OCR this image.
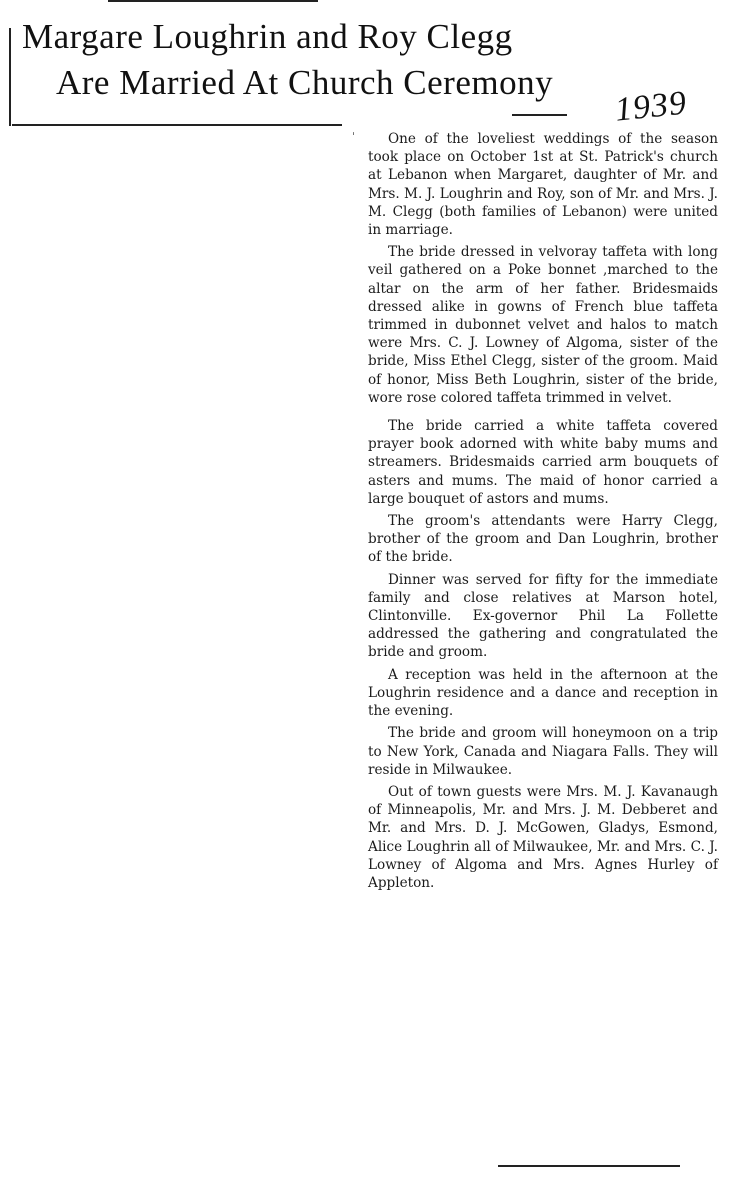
Margare Loughrin and Roy Clegg
Are Married At Church Ceremony
1939
ˈ	One of the loveliest weddings of the season took place on October 1st at St. Patrick's church at Lebanon when Margaret, daughter of Mr. and Mrs. M. J. Loughrin and Roy, son of Mr. and Mrs. J. M. Clegg (both families of Lebanon) were united in marriage.

The bride dressed in velvoray taffeta with long veil gathered on a Poke bonnet ,marched to the altar on the arm of her father. Bridesmaids dressed alike in gowns of French blue taffeta trimmed in dubonnet velvet and halos to match were Mrs. C. J. Lowney of Algoma, sister of the bride, Miss Ethel Clegg, sister of the groom. Maid of honor, Miss Beth Loughrin, sister of the bride, wore rose colored taffeta trimmed in velvet.

The bride carried a white taffeta covered prayer book adorned with white baby mums and streamers. Bridesmaids carried arm bouquets of asters and mums. The maid of honor carried a large bouquet of astors and mums.

The groom's attendants were Harry Clegg, brother of the groom and Dan Loughrin, brother of the bride.

Dinner was served for fifty for the immediate family and close relatives at Marson hotel, Clintonville. Ex-governor Phil La Follette addressed the gathering and congratulated the bride and groom.

A reception was held in the afternoon at the Loughrin residence and a dance and reception in the evening.

The bride and groom will honeymoon on a trip to New York, Canada and Niagara Falls. They will reside in Milwaukee.

Out of town guests were Mrs. M. J. Kavanaugh of Minneapolis, Mr. and Mrs. J. M. Debberet and Mr. and Mrs. D. J. McGowen, Gladys, Esmond, Alice Loughrin all of Milwaukee, Mr. and Mrs. C. J. Lowney of Algoma and Mrs. Agnes Hurley of Appleton.
